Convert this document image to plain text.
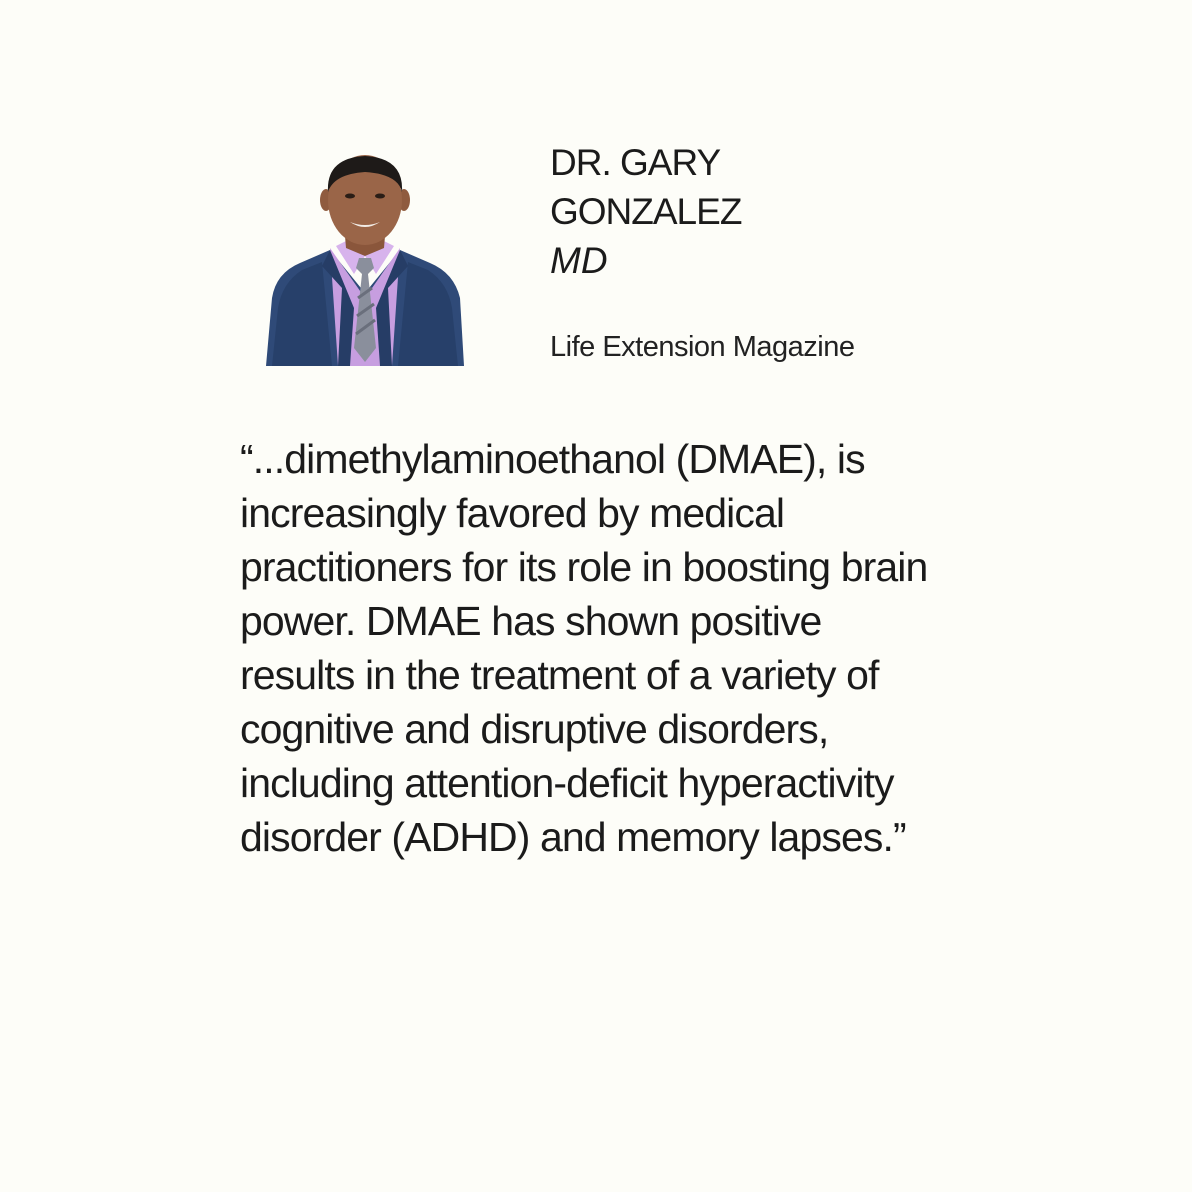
DR. GARY
GONZALEZ
MD
Life Extension Magazine

“...dimethylaminoethanol (DMAE), is increasingly favored by medical practitioners for its role in boosting brain power. DMAE has shown positive results in the treatment of a variety of cognitive and disruptive disorders, including attention-deficit hyperactivity disorder (ADHD) and memory lapses.”
